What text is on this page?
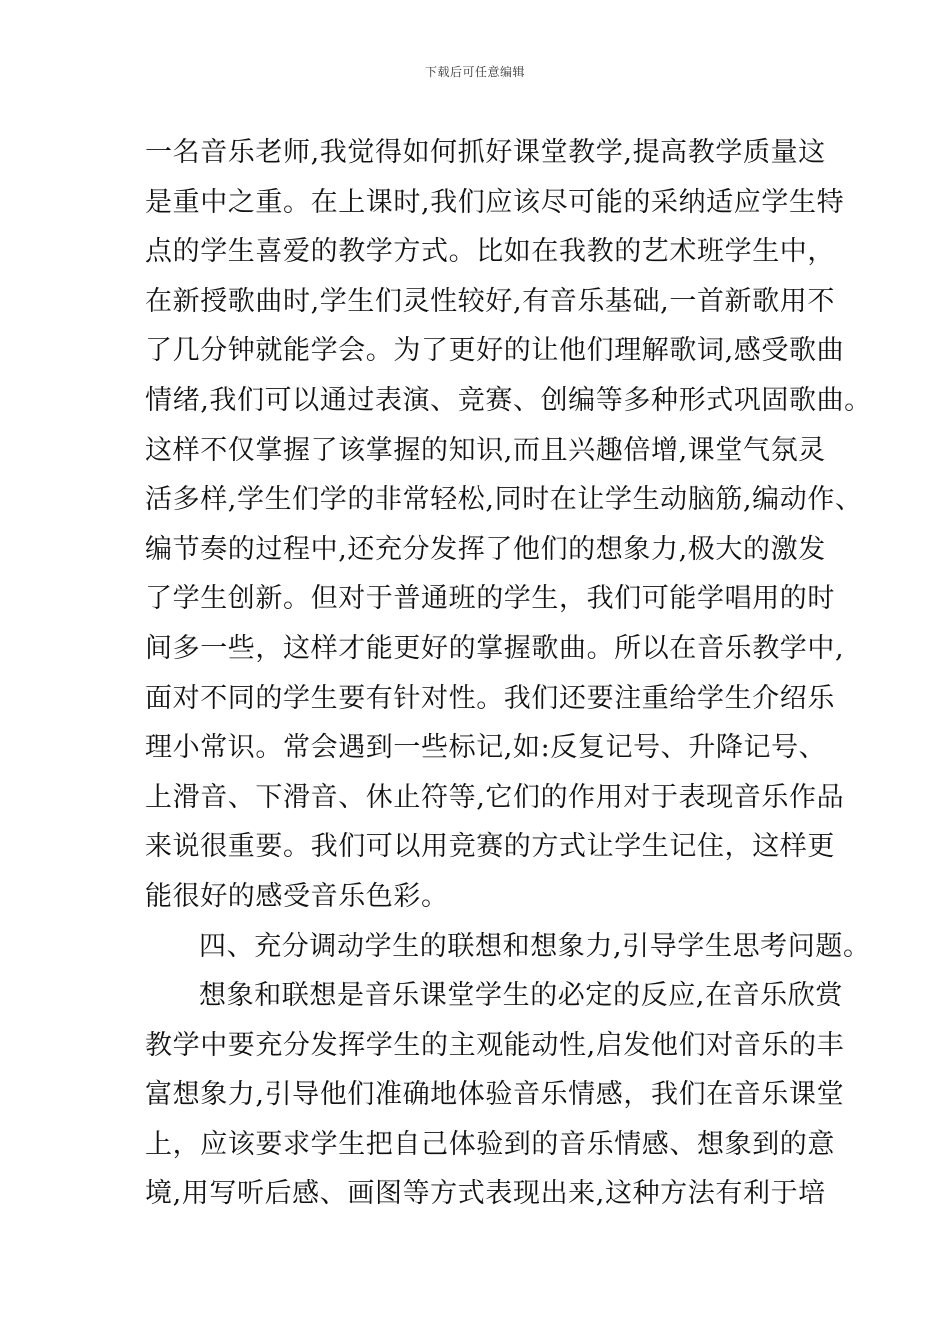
下载后可任意编辑
一名音乐老师,我觉得如何抓好课堂教学,提高教学质量这
是重中之重。在上课时,我们应该尽可能的采纳适应学生特
点的学生喜爱的教学方式。比如在我教的艺术班学生中，
在新授歌曲时,学生们灵性较好,有音乐基础,一首新歌用不
了几分钟就能学会。为了更好的让他们理解歌词,感受歌曲
情绪,我们可以通过表演、竞赛、创编等多种形式巩固歌曲。
这样不仅掌握了该掌握的知识,而且兴趣倍增,课堂气氛灵
活多样,学生们学的非常轻松,同时在让学生动脑筋,编动作、
编节奏的过程中,还充分发挥了他们的想象力,极大的激发
了学生创新。但对于普通班的学生，我们可能学唱用的时
间多一些，这样才能更好的掌握歌曲。所以在音乐教学中,
面对不同的学生要有针对性。我们还要注重给学生介绍乐
理小常识。常会遇到一些标记,如:反复记号、升降记号、
上滑音、下滑音、休止符等,它们的作用对于表现音乐作品
来说很重要。我们可以用竞赛的方式让学生记住，这样更
能很好的感受音乐色彩。
四、充分调动学生的联想和想象力,引导学生思考问题。
想象和联想是音乐课堂学生的必定的反应,在音乐欣赏
教学中要充分发挥学生的主观能动性,启发他们对音乐的丰
富想象力,引导他们准确地体验音乐情感，我们在音乐课堂
上，应该要求学生把自己体验到的音乐情感、想象到的意
境,用写听后感、画图等方式表现出来,这种方法有利于培
